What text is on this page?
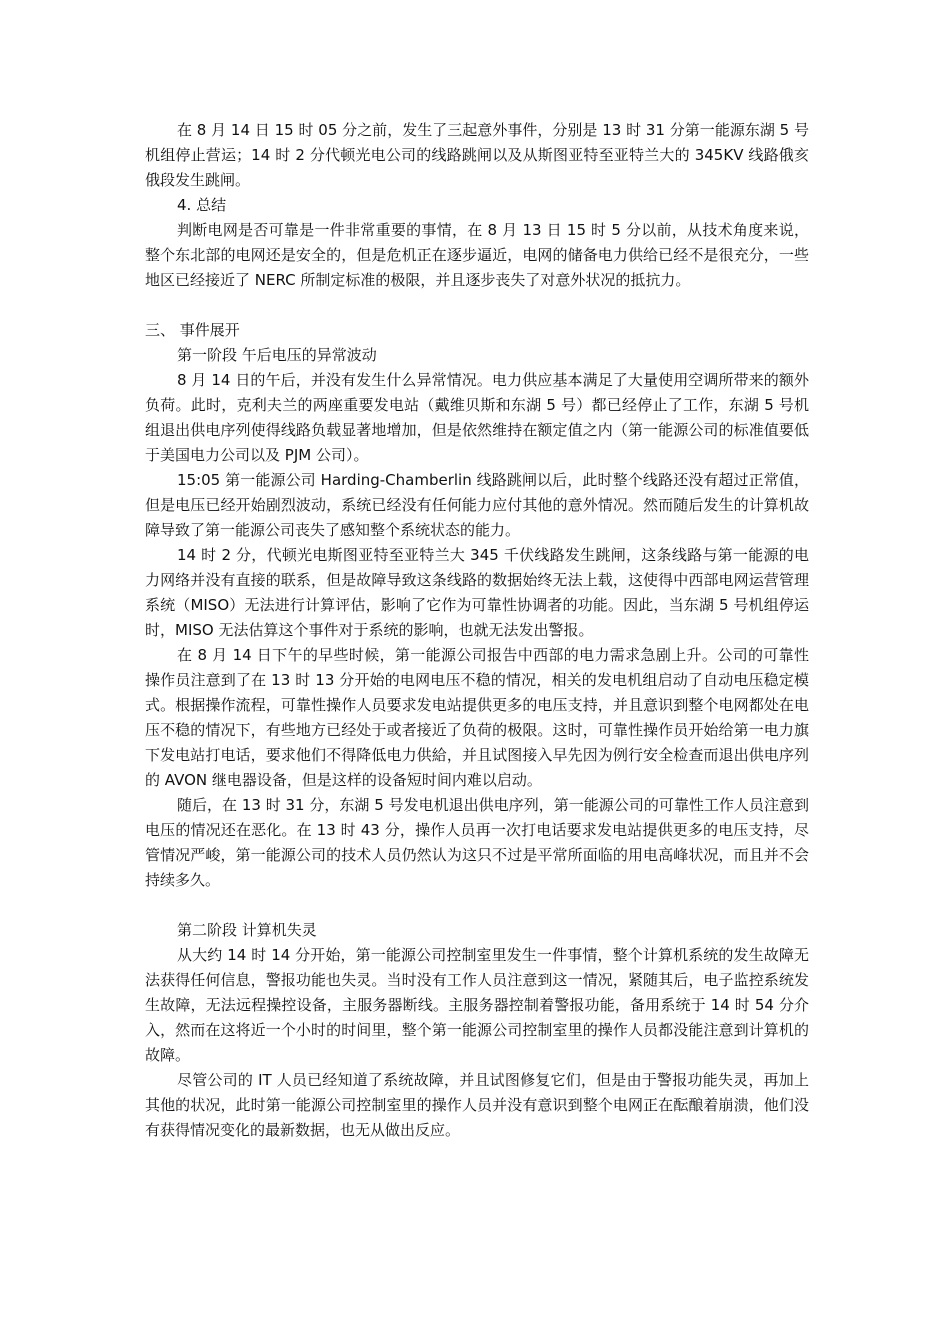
在 8 月 14 日 15 时 05 分之前，发生了三起意外事件，分别是 13 时 31 分第一能源东湖 5 号机组停止营运；14 时 2 分代顿光电公司的线路跳闸以及从斯图亚特至亚特兰大的 345KV 线路俄亥俄段发生跳闸。

4. 总结

判断电网是否可靠是一件非常重要的事情，在 8 月 13 日 15 时 5 分以前，从技术角度来说，整个东北部的电网还是安全的，但是危机正在逐步逼近，电网的储备电力供给已经不是很充分，一些地区已经接近了 NERC 所制定标准的极限，并且逐步丧失了对意外状况的抵抗力。

三、 事件展开

第一阶段 午后电压的异常波动

8 月 14 日的午后，并没有发生什么异常情况。电力供应基本满足了大量使用空调所带来的额外负荷。此时，克利夫兰的两座重要发电站（戴维贝斯和东湖 5 号）都已经停止了工作，东湖 5 号机组退出供电序列使得线路负载显著地增加，但是依然维持在额定值之内（第一能源公司的标准值要低于美国电力公司以及 PJM 公司）。

15:05 第一能源公司 Harding-Chamberlin 线路跳闸以后，此时整个线路还没有超过正常值，但是电压已经开始剧烈波动，系统已经没有任何能力应付其他的意外情况。然而随后发生的计算机故障导致了第一能源公司丧失了感知整个系统状态的能力。

14 时 2 分，代顿光电斯图亚特至亚特兰大 345 千伏线路发生跳闸，这条线路与第一能源的电力网络并没有直接的联系，但是故障导致这条线路的数据始终无法上载，这使得中西部电网运营管理系统（MISO）无法进行计算评估，影响了它作为可靠性协调者的功能。因此，当东湖 5 号机组停运时，MISO 无法估算这个事件对于系统的影响，也就无法发出警报。

在 8 月 14 日下午的早些时候，第一能源公司报告中西部的电力需求急剧上升。公司的可靠性操作员注意到了在 13 时 13 分开始的电网电压不稳的情况，相关的发电机组启动了自动电压稳定模式。根据操作流程，可靠性操作人员要求发电站提供更多的电压支持，并且意识到整个电网都处在电压不稳的情况下，有些地方已经处于或者接近了负荷的极限。这时，可靠性操作员开始给第一电力旗下发电站打电话，要求他们不得降低电力供給，并且试图接入早先因为例行安全检查而退出供电序列的 AVON 继电器设备，但是这样的设备短时间内难以启动。

随后，在 13 时 31 分，东湖 5 号发电机退出供电序列，第一能源公司的可靠性工作人员注意到电压的情况还在恶化。在 13 时 43 分，操作人员再一次打电话要求发电站提供更多的电压支持，尽管情况严峻，第一能源公司的技术人员仍然认为这只不过是平常所面临的用电高峰状况，而且并不会持续多久。

第二阶段 计算机失灵

从大约 14 时 14 分开始，第一能源公司控制室里发生一件事情，整个计算机系统的发生故障无法获得任何信息，警报功能也失灵。当时没有工作人员注意到这一情况，紧随其后，电子监控系统发生故障，无法远程操控设备，主服务器断线。主服务器控制着警报功能，备用系统于 14 时 54 分介入，然而在这将近一个小时的时间里，整个第一能源公司控制室里的操作人员都没能注意到计算机的故障。

尽管公司的 IT 人员已经知道了系统故障，并且试图修复它们，但是由于警报功能失灵，再加上其他的状况，此时第一能源公司控制室里的操作人员并没有意识到整个电网正在酝酿着崩溃，他们没有获得情况变化的最新数据，也无从做出反应。
